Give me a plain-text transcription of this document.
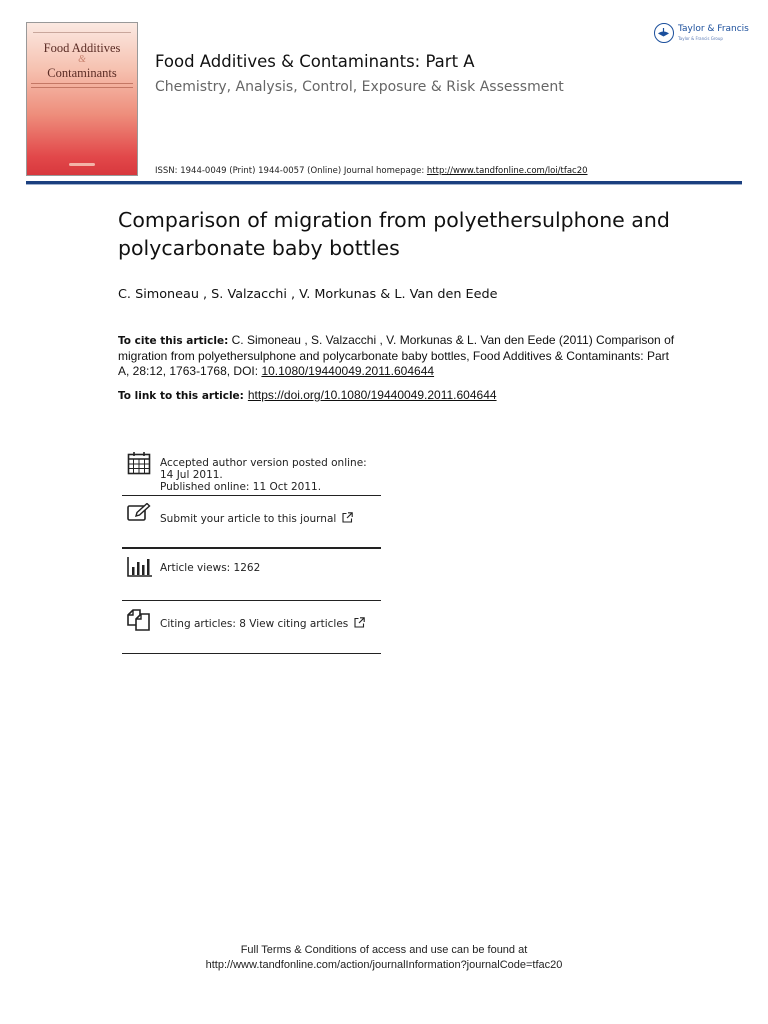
Food Additives
&
Contaminants
Food Additives & Contaminants: Part A
Chemistry, Analysis, Control, Exposure & Risk Assessment
ISSN: 1944-0049 (Print) 1944-0057 (Online) Journal homepage: http://www.tandfonline.com/loi/tfac20
Taylor & Francis
Taylor & Francis Group
Comparison of migration from polyethersulphone and polycarbonate baby bottles
C. Simoneau , S. Valzacchi , V. Morkunas & L. Van den Eede
To cite this article: C. Simoneau , S. Valzacchi , V. Morkunas & L. Van den Eede (2011) Comparison of migration from polyethersulphone and polycarbonate baby bottles, Food Additives & Contaminants: Part A, 28:12, 1763-1768, DOI: 10.1080/19440049.2011.604644
To link to this article: https://doi.org/10.1080/19440049.2011.604644
Accepted author version posted online: 14 Jul 2011.
Published online: 11 Oct 2011.
Submit your article to this journal
Article views: 1262
Citing articles: 8 View citing articles
Full Terms & Conditions of access and use can be found at
http://www.tandfonline.com/action/journalInformation?journalCode=tfac20
